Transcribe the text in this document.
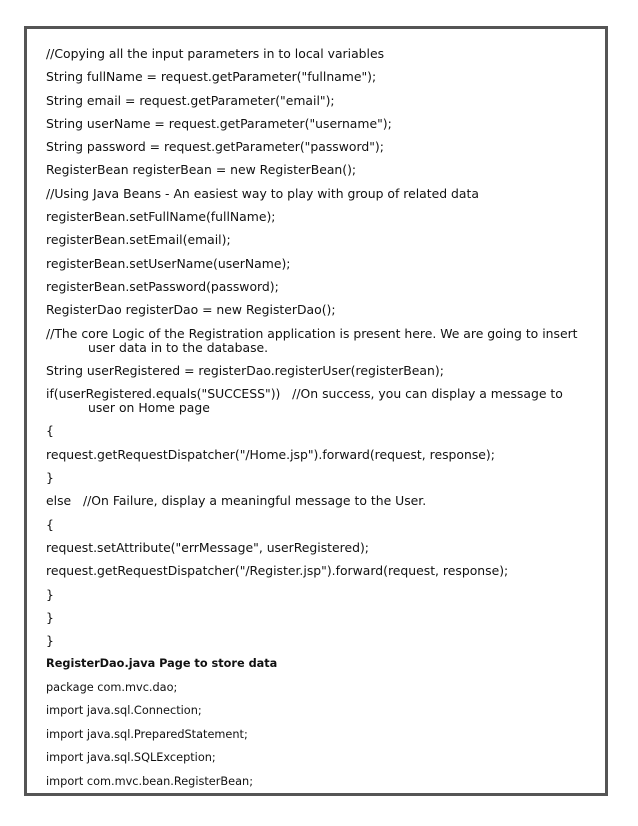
//Copying all the input parameters in to local variables
String fullName = request.getParameter("fullname");
String email = request.getParameter("email");
String userName = request.getParameter("username");
String password = request.getParameter("password");
RegisterBean registerBean = new RegisterBean();
//Using Java Beans - An easiest way to play with group of related data
registerBean.setFullName(fullName);
registerBean.setEmail(email);
registerBean.setUserName(userName);
registerBean.setPassword(password);
RegisterDao registerDao = new RegisterDao();
//The core Logic of the Registration application is present here. We are going to insert user data in to the database.
String userRegistered = registerDao.registerUser(registerBean);
if(userRegistered.equals("SUCCESS"))   //On success, you can display a message to user on Home page
{
request.getRequestDispatcher("/Home.jsp").forward(request, response);
}
else   //On Failure, display a meaningful message to the User.
{
request.setAttribute("errMessage", userRegistered);
request.getRequestDispatcher("/Register.jsp").forward(request, response);
}
}
}
RegisterDao.java Page to store data
package com.mvc.dao;
import java.sql.Connection;
import java.sql.PreparedStatement;
import java.sql.SQLException;
import com.mvc.bean.RegisterBean;
